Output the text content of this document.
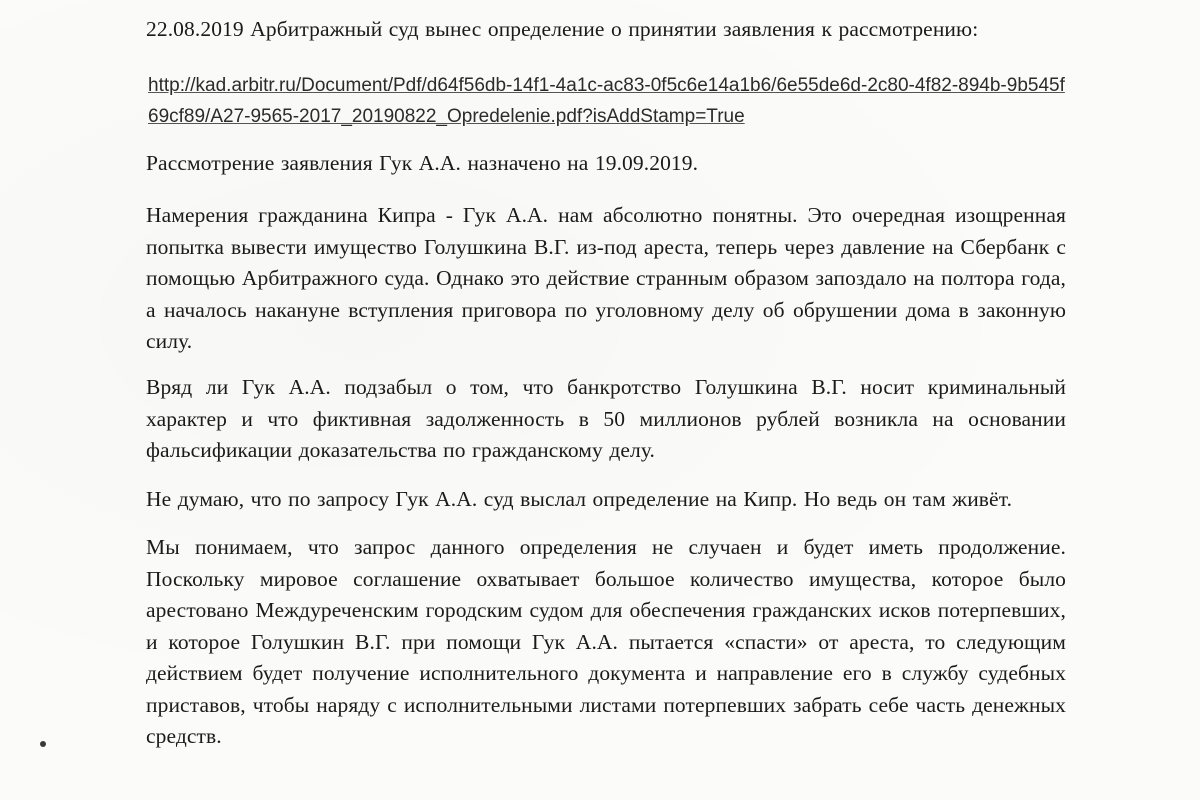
22.08.2019 Арбитражный суд вынес определение о принятии заявления к рассмотрению:
http://kad.arbitr.ru/Document/Pdf/d64f56db-14f1-4a1c-ac83-0f5c6e14a1b6/6e55de6d-2c80-4f82-894b-9b545f69cf89/A27-9565-2017_20190822_Opredelenie.pdf?isAddStamp=True
Рассмотрение заявления Гук А.А. назначено на 19.09.2019.
Намерения гражданина Кипра - Гук А.А. нам абсолютно понятны. Это очередная изощренная попытка вывести имущество Голушкина В.Г. из-под ареста, теперь через давление на Сбербанк с помощью Арбитражного суда. Однако это действие странным образом запоздало на полтора года, а началось накануне вступления приговора по уголовному делу об обрушении дома в законную силу.
Вряд ли Гук А.А. подзабыл о том, что банкротство Голушкина В.Г. носит криминальный характер и что фиктивная задолженность в 50 миллионов рублей возникла на основании фальсификации доказательства по гражданскому делу.
Не думаю, что по запросу Гук А.А. суд выслал определение на Кипр. Но ведь он там живёт.
Мы понимаем, что запрос данного определения не случаен и будет иметь продолжение. Поскольку мировое соглашение охватывает большое количество имущества, которое было арестовано Междуреченским городским судом для обеспечения гражданских исков потерпевших, и которое Голушкин В.Г. при помощи Гук А.А. пытается «спасти» от ареста, то следующим действием будет получение исполнительного документа и направление его в службу судебных приставов, чтобы наряду с исполнительными листами потерпевших забрать себе часть денежных средств.
